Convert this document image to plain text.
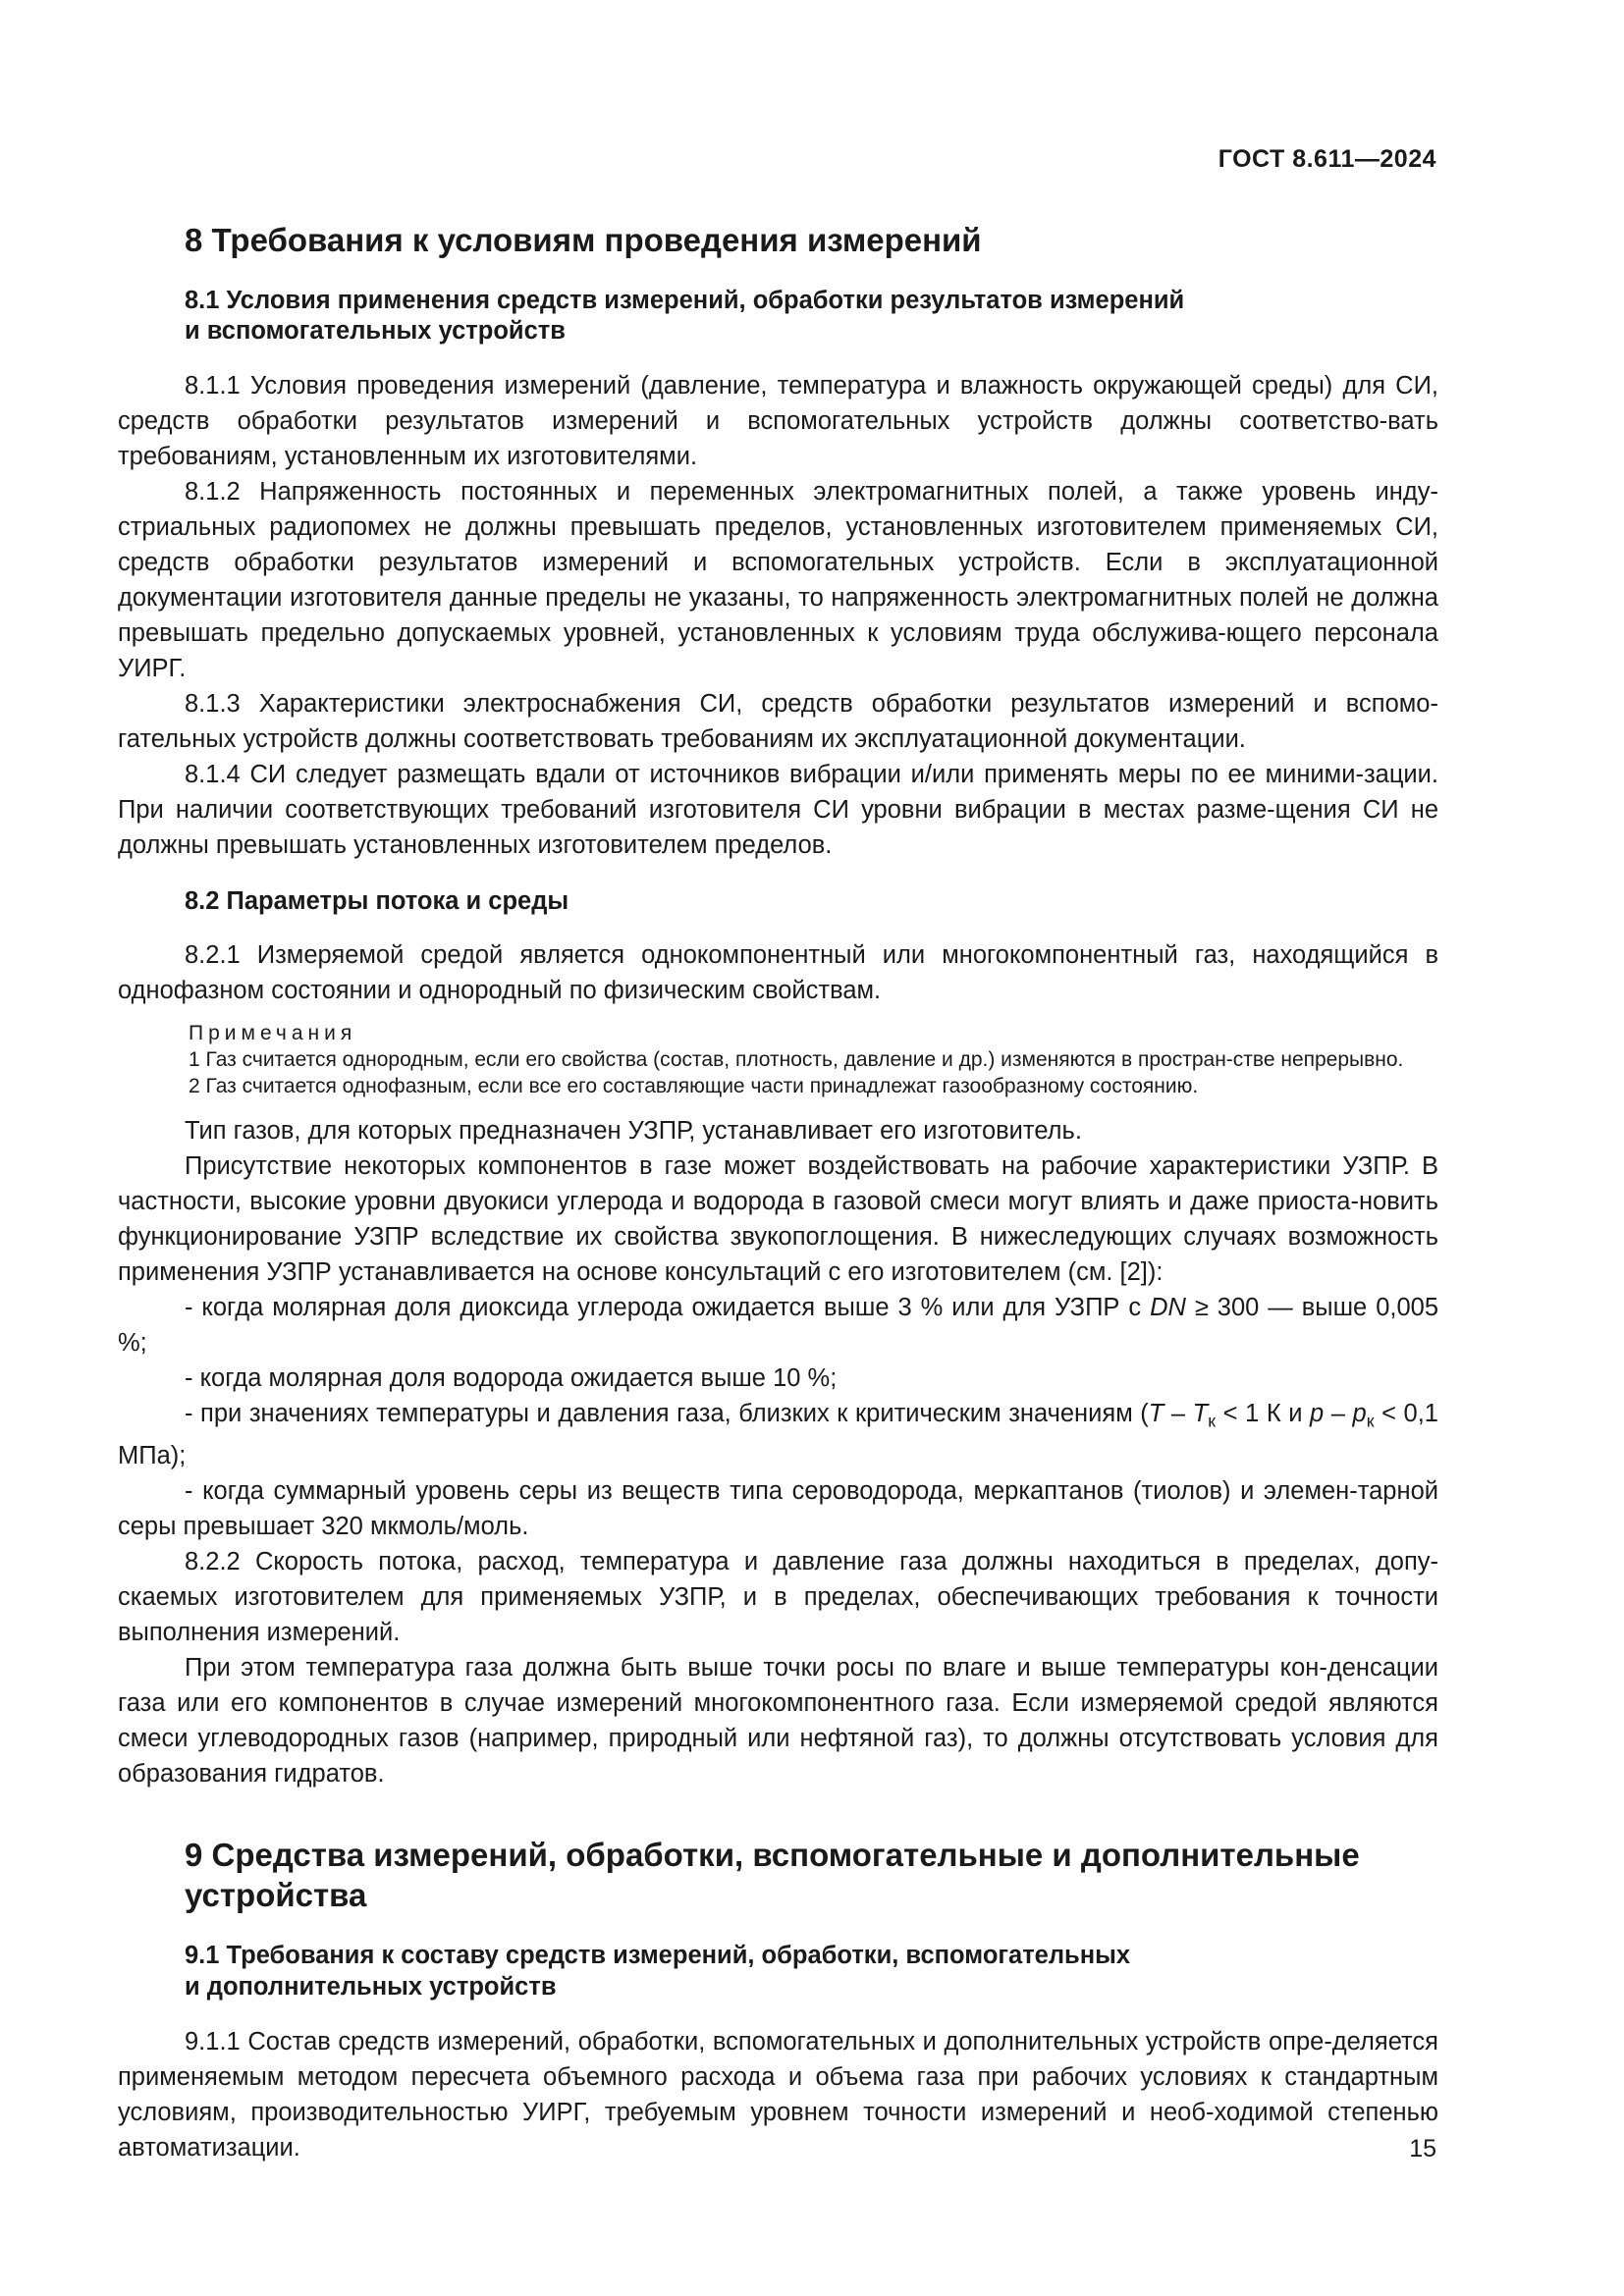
ГОСТ 8.611—2024
8 Требования к условиям проведения измерений
8.1 Условия применения средств измерений, обработки результатов измерений
и вспомогательных устройств

8.1.1 Условия проведения измерений (давление, температура и влажность окружающей среды) для СИ, средств обработки результатов измерений и вспомогательных устройств должны соответство-вать требованиям, установленным их изготовителями.

8.1.2 Напряженность постоянных и переменных электромагнитных полей, а также уровень инду-стриальных радиопомех не должны превышать пределов, установленных изготовителем применяемых СИ, средств обработки результатов измерений и вспомогательных устройств. Если в эксплуатационной документации изготовителя данные пределы не указаны, то напряженность электромагнитных полей не должна превышать предельно допускаемых уровней, установленных к условиям труда обслужива-ющего персонала УИРГ.

8.1.3 Характеристики электроснабжения СИ, средств обработки результатов измерений и вспомо-гательных устройств должны соответствовать требованиям их эксплуатационной документации.

8.1.4 СИ следует размещать вдали от источников вибрации и/или применять меры по ее миними-зации. При наличии соответствующих требований изготовителя СИ уровни вибрации в местах разме-щения СИ не должны превышать установленных изготовителем пределов.

8.2 Параметры потока и среды

8.2.1 Измеряемой средой является однокомпонентный или многокомпонентный газ, находящийся в однофазном состоянии и однородный по физическим свойствам.

Примечания

1 Газ считается однородным, если его свойства (состав, плотность, давление и др.) изменяются в простран-стве непрерывно.

2 Газ считается однофазным, если все его составляющие части принадлежат газообразному состоянию.

Тип газов, для которых предназначен УЗПР, устанавливает его изготовитель.

Присутствие некоторых компонентов в газе может воздействовать на рабочие характеристики УЗПР. В частности, высокие уровни двуокиси углерода и водорода в газовой смеси могут влиять и даже приоста-новить функционирование УЗПР вследствие их свойства звукопоглощения. В нижеследующих случаях возможность применения УЗПР устанавливается на основе консультаций с его изготовителем (см. [2]):

- когда молярная доля диоксида углерода ожидается выше 3 % или для УЗПР с DN ≥ 300 — выше 0,005 %;

- когда молярная доля водорода ожидается выше 10 %;

- при значениях температуры и давления газа, близких к критическим значениям ($T - T_к < 1$ К и $p - p_к < 0,1$ МПа);

- когда суммарный уровень серы из веществ типа сероводорода, меркаптанов (тиолов) и элемен-тарной серы превышает 320 мкмоль/моль.

8.2.2 Скорость потока, расход, температура и давление газа должны находиться в пределах, допу-скаемых изготовителем для применяемых УЗПР, и в пределах, обеспечивающих требования к точности выполнения измерений.

При этом температура газа должна быть выше точки росы по влаге и выше температуры кон-денсации газа или его компонентов в случае измерений многокомпонентного газа. Если измеряемой средой являются смеси углеводородных газов (например, природный или нефтяной газ), то должны отсутствовать условия для образования гидратов.

9 Средства измерений, обработки, вспомогательные и дополнительные
устройства
9.1 Требования к составу средств измерений, обработки, вспомогательных
и дополнительных устройств

9.1.1 Состав средств измерений, обработки, вспомогательных и дополнительных устройств опре-деляется применяемым методом пересчета объемного расхода и объема газа при рабочих условиях к стандартным условиям, производительностью УИРГ, требуемым уровнем точности измерений и необ-ходимой степенью автоматизации.	15
